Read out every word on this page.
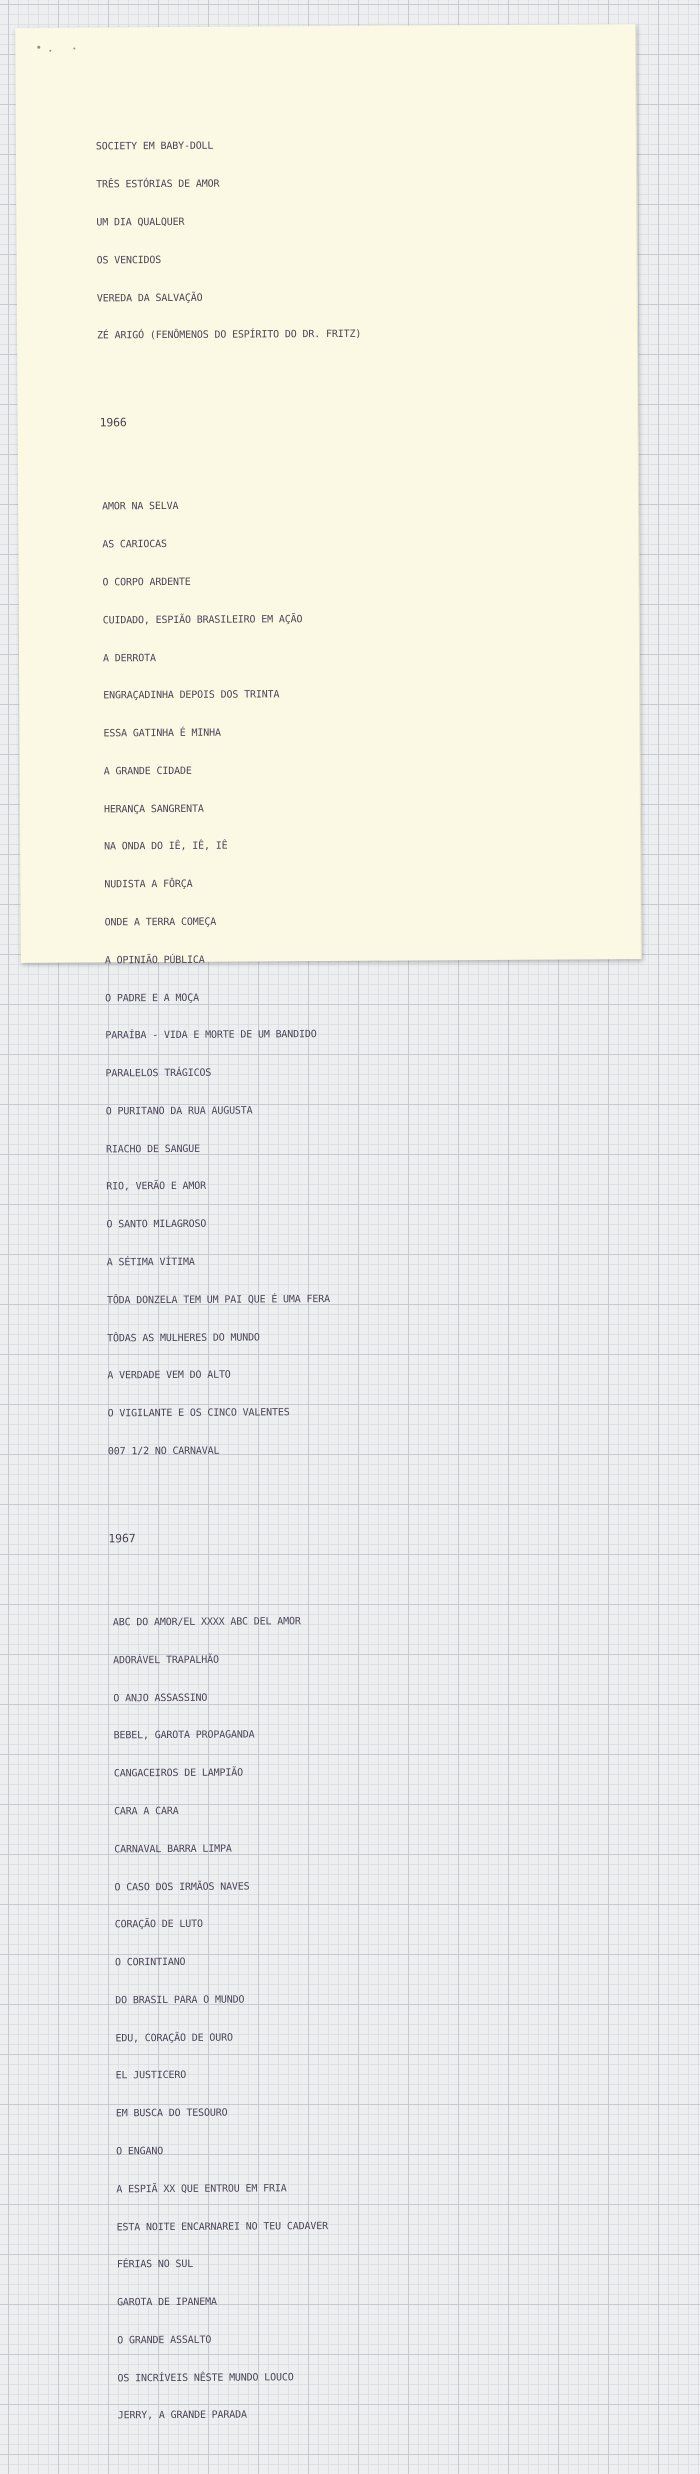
SOCIETY EM BABY-DOLL

TRÊS ESTÓRIAS DE AMOR

UM DIA QUALQUER

OS VENCIDOS

VEREDA DA SALVAÇÃO

ZÉ ARIGÓ (FENÔMENOS DO ESPÍRITO DO DR. FRITZ)

1966

AMOR NA SELVA

AS CARIOCAS

O CORPO ARDENTE

CUIDADO, ESPIÃO BRASILEIRO EM AÇÃO

A DERROTA

ENGRAÇADINHA DEPOIS DOS TRINTA

ESSA GATINHA É MINHA

A GRANDE CIDADE

HERANÇA SANGRENTA

NA ONDA DO IÊ, IÊ, IÊ

NUDISTA A FÔRÇA

ONDE A TERRA COMEÇA

A OPINIÃO PÚBLICA

O PADRE E A MOÇA

PARAÍBA - VIDA E MORTE DE UM BANDIDO

PARALELOS TRÁGICOS

O PURITANO DA RUA AUGUSTA

RIACHO DE SANGUE

RIO, VERÃO E AMOR

O SANTO MILAGROSO

A SÉTIMA VÍTIMA

TÔDA DONZELA TEM UM PAI QUE É UMA FERA

TÔDAS AS MULHERES DO MUNDO

A VERDADE VEM DO ALTO

O VIGILANTE E OS CINCO VALENTES

007 1/2 NO CARNAVAL

1967

ABC DO AMOR/EL XXXX ABC DEL AMOR

ADORÁVEL TRAPALHÃO

O ANJO ASSASSINO

BEBEL, GAROTA PROPAGANDA

CANGACEIROS DE LAMPIÃO

CARA A CARA

CARNAVAL BARRA LIMPA

O CASO DOS IRMÃOS NAVES

CORAÇÃO DE LUTO

O CORINTIANO

DO BRASIL PARA O MUNDO

EDU, CORAÇÃO DE OURO

EL JUSTICERO

EM BUSCA DO TESOURO

O ENGANO

A ESPIÃ XX QUE ENTROU EM FRIA

ESTA NOITE ENCARNAREI NO TEU CADAVER

FÉRIAS NO SUL

GAROTA DE IPANEMA

O GRANDE ASSALTO

OS INCRÍVEIS NÊSTE MUNDO LOUCO

JERRY, A GRANDE PARADA
